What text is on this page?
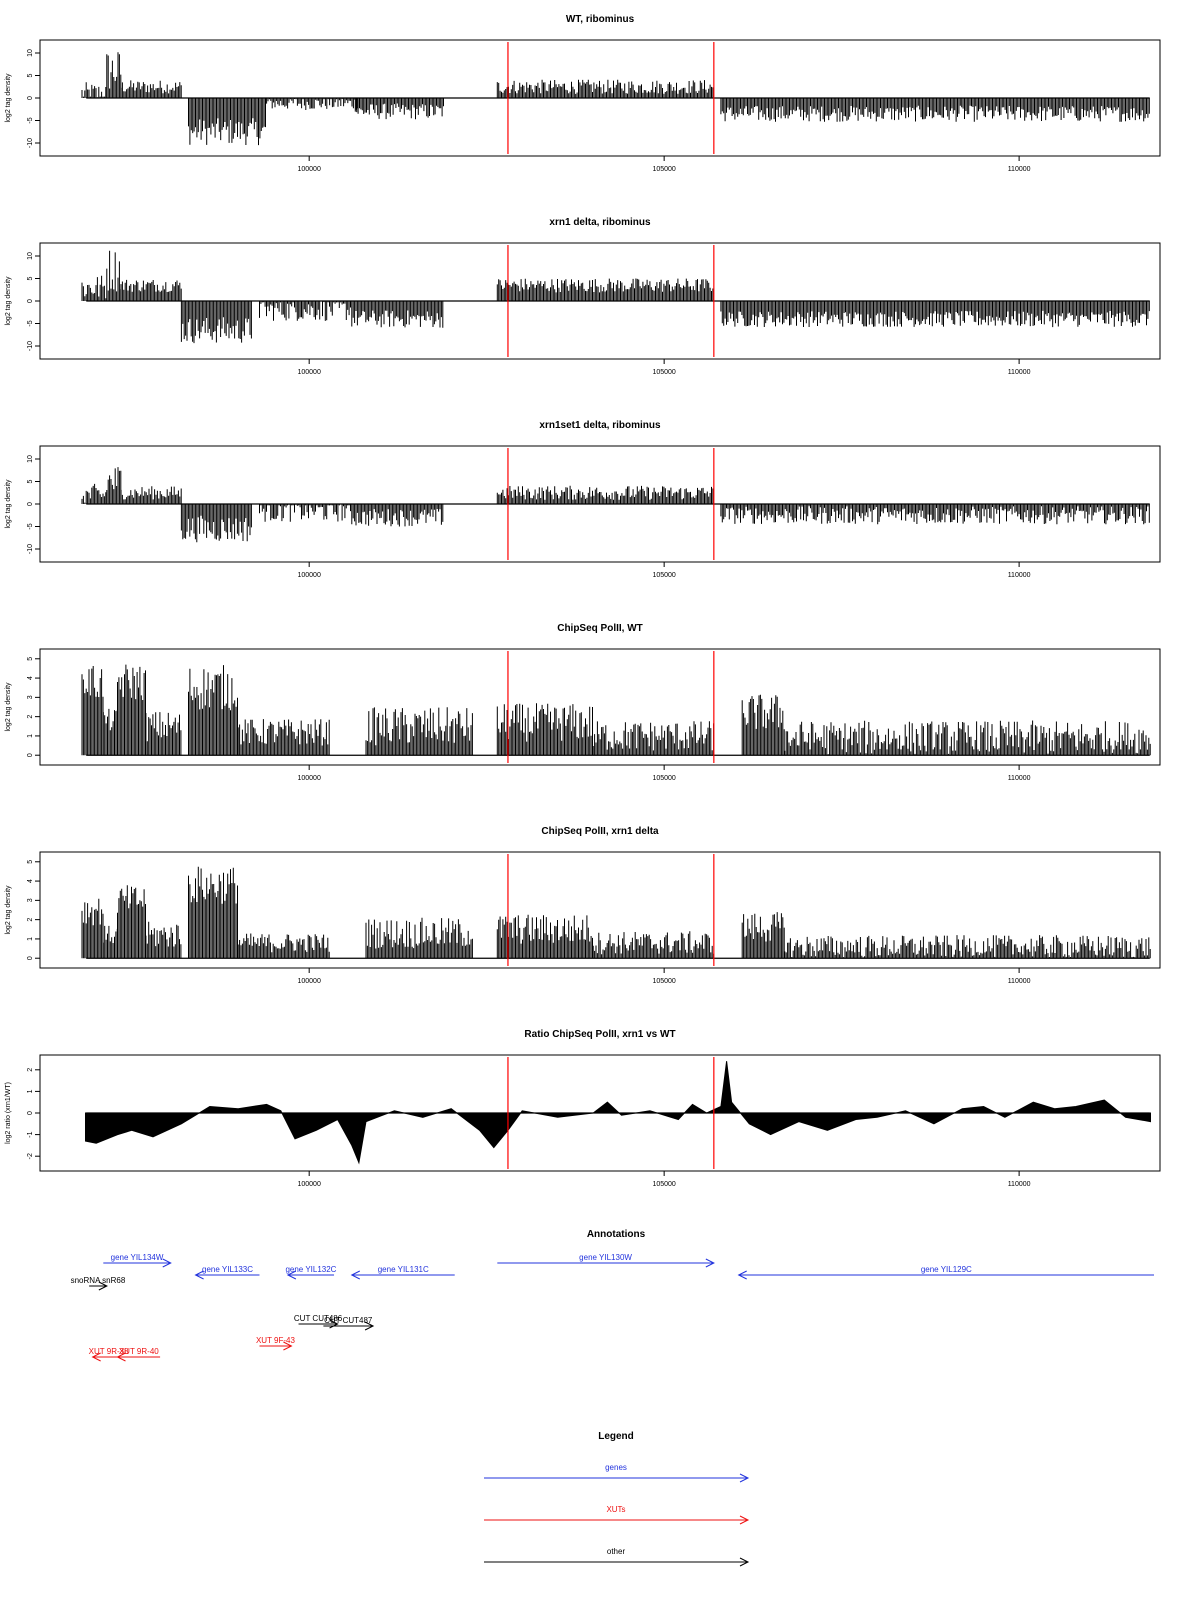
WT, ribominus
10
5
0
-5
-10
log2 tag density
100000	105000	110000
xrn1 delta, ribominus
10
5
0
-5
-10
log2 tag density
100000	105000	110000
xrn1set1 delta, ribominus
10
5
0
-5
-10
log2 tag density
100000	105000	110000
ChipSeq PolII, WT
5
4
3
2
1
0
log2 tag density
100000	105000	110000
ChipSeq PolII, xrn1 delta
5
4
3
2
1
0
log2 tag density
100000	105000	110000
Ratio ChipSeq PolII, xrn1 vs WT
2
1
0
-1
-2
log2 ratio (xrn1/WT)
100000	105000	110000
Annotations
gene YIL134W
gene YIL133C	gene YIL132C	gene YIL131C
gene YIL130W
gene YIL129C
snoRNA snR68
CUT CUT486
CUT CUT487
XUT 9F-43
XUT 9R-38
XUT 9R-40
Legend
genes
XUTs
other
